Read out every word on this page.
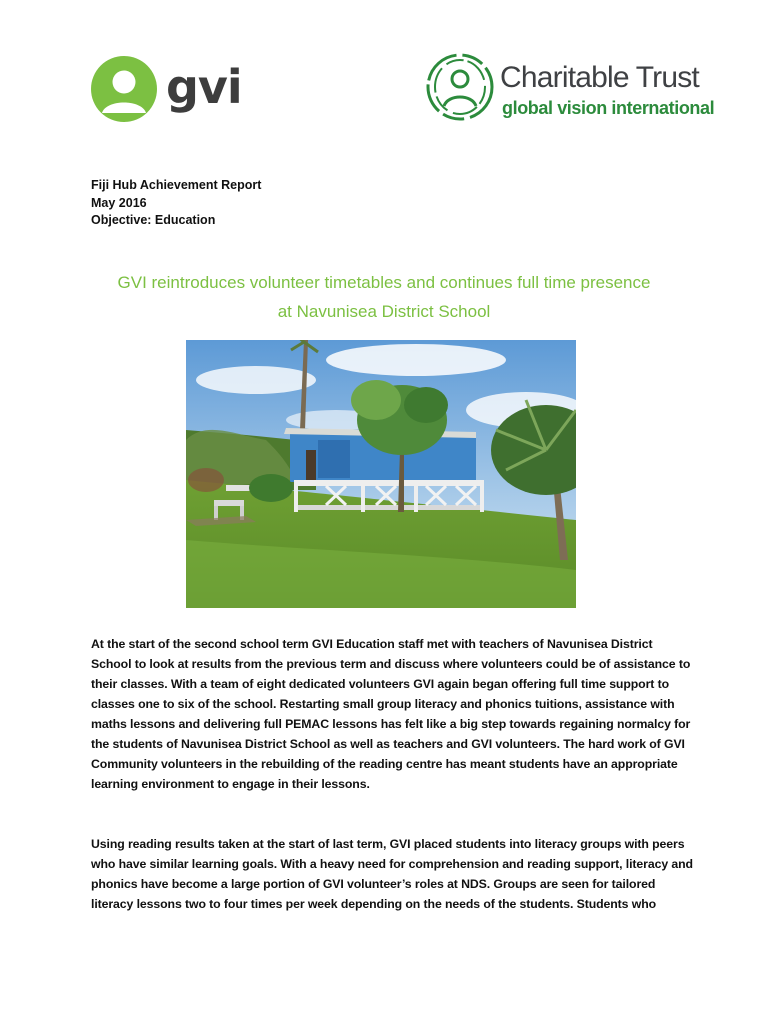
gvi	Charitable Trust
global vision international
Fiji Hub Achievement Report
May 2016
Objective: Education
GVI reintroduces volunteer timetables and continues full time presence
at Navunisea District School

At the start of the second school term GVI Education staff met with teachers of Navunisea District
School to look at results from the previous term and discuss where volunteers could be of assistance to
their classes. With a team of eight dedicated volunteers GVI again began offering full time support to
classes one to six of the school. Restarting small group literacy and phonics tuitions, assistance with
maths lessons and delivering full PEMAC lessons has felt like a big step towards regaining normalcy for
the students of Navunisea District School as well as teachers and GVI volunteers. The hard work of GVI
Community volunteers in the rebuilding of the reading centre has meant students have an appropriate
learning environment to engage in their lessons.

Using reading results taken at the start of last term, GVI placed students into literacy groups with peers
who have similar learning goals. With a heavy need for comprehension and reading support, literacy and
phonics have become a large portion of GVI volunteer’s roles at NDS. Groups are seen for tailored
literacy lessons two to four times per week depending on the needs of the students. Students who
